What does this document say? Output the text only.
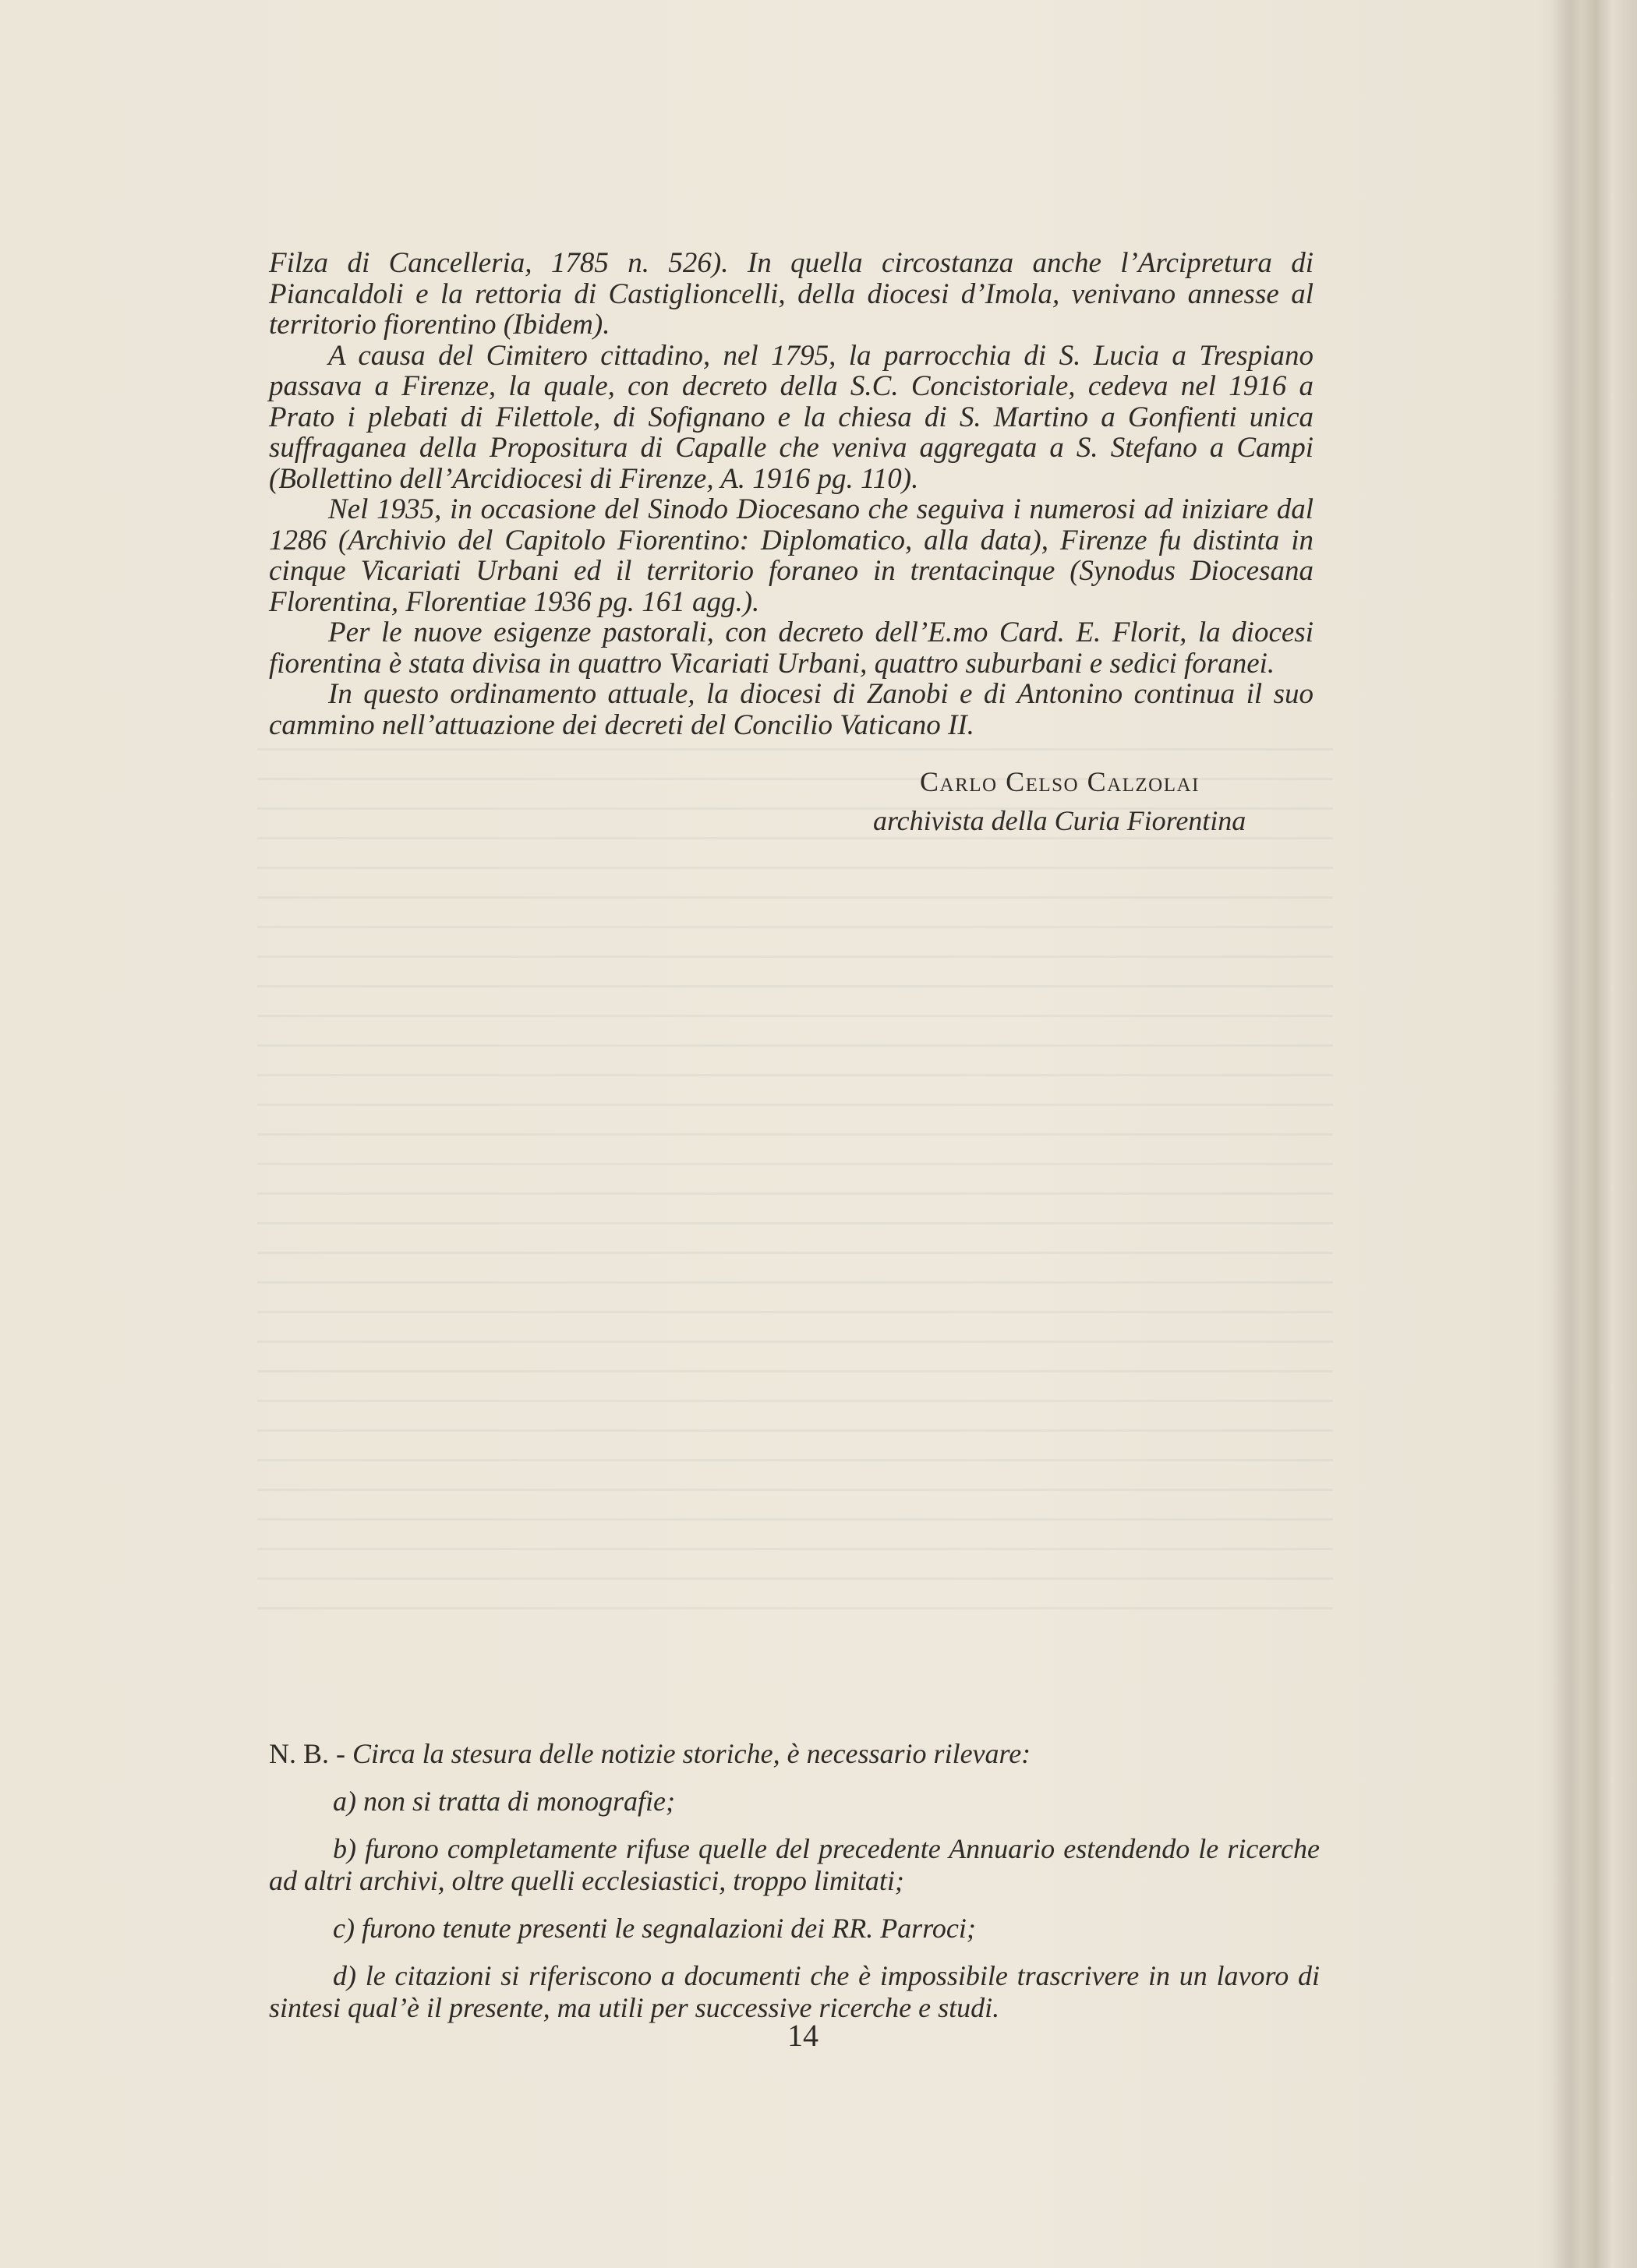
Filza di Cancelleria, 1785 n. 526). In quella circostanza anche l’Arcipretura di Piancaldoli e la rettoria di Castiglioncelli, della diocesi d’Imola, venivano annesse al territorio fiorentino (Ibidem).

A causa del Cimitero cittadino, nel 1795, la parrocchia di S. Lucia a Trespiano passava a Firenze, la quale, con decreto della S.C. Concistoriale, cedeva nel 1916 a Prato i plebati di Filettole, di Sofignano e la chiesa di S. Martino a Gonfienti unica suffraganea della Propositura di Capalle che veniva aggregata a S. Stefano a Campi (Bollettino dell’Arcidiocesi di Firenze, A. 1916 pg. 110).

Nel 1935, in occasione del Sinodo Diocesano che seguiva i numerosi ad iniziare dal 1286 (Archivio del Capitolo Fiorentino: Diplomatico, alla data), Firenze fu distinta in cinque Vicariati Urbani ed il territorio foraneo in trentacinque (Synodus Diocesana Florentina, Florentiae 1936 pg. 161 agg.).

Per le nuove esigenze pastorali, con decreto dell’E.mo Card. E. Florit, la diocesi fiorentina è stata divisa in quattro Vicariati Urbani, quattro suburbani e sedici foranei.

In questo ordinamento attuale, la diocesi di Zanobi e di Antonino continua il suo cammino nell’attuazione dei decreti del Concilio Vaticano II.

Carlo Celso Calzolai
archivista della Curia Fiorentina

N. B. - Circa la stesura delle notizie storiche, è necessario rilevare:

a) non si tratta di monografie;

b) furono completamente rifuse quelle del precedente Annuario estendendo le ricerche ad altri archivi, oltre quelli ecclesiastici, troppo limitati;

c) furono tenute presenti le segnalazioni dei RR. Parroci;

d) le citazioni si riferiscono a documenti che è impossibile trascrivere in un lavoro di sintesi qual’è il presente, ma utili per successive ricerche e studi.

14
